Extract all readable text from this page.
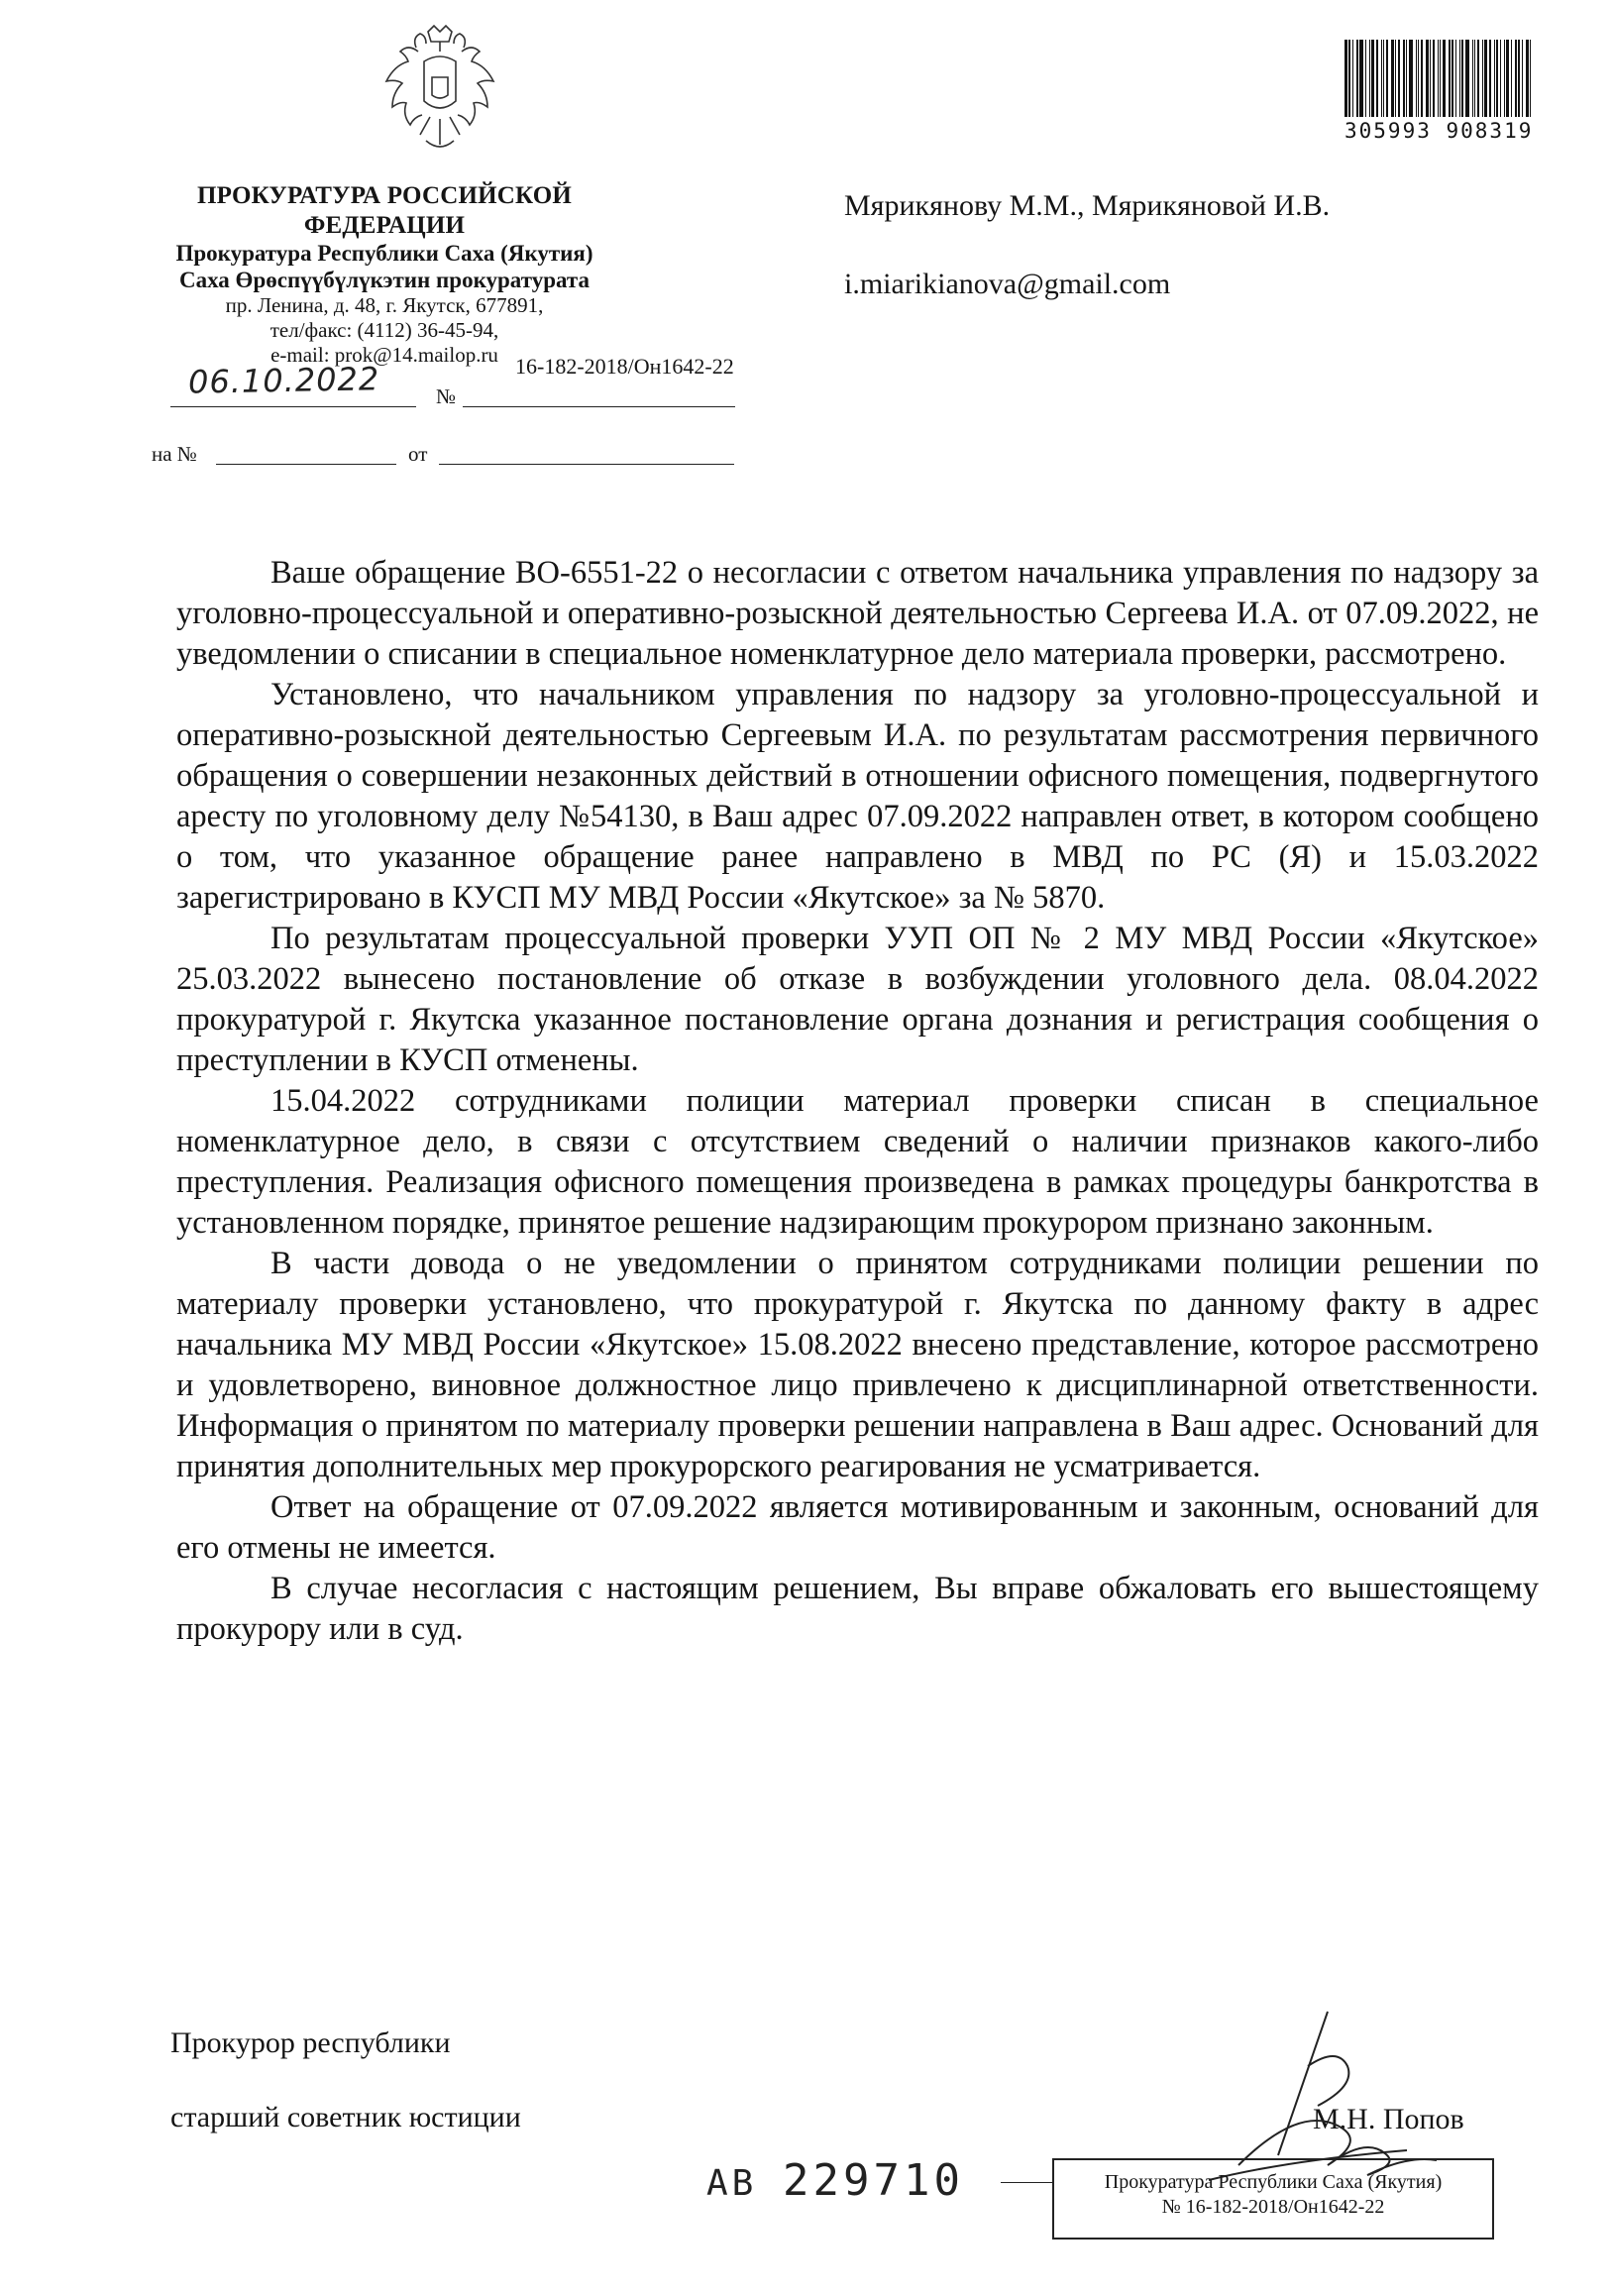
305993 908319
ПРОКУРАТУРА РОССИЙСКОЙ ФЕДЕРАЦИИ
Прокуратура Республики Саха (Якутия)
Саха Өрөспүүбүлүкэтин прокуратурата
пр. Ленина, д. 48, г. Якутск, 677891,
тел/факс: (4112) 36-45-94,
e-mail: prok@14.mailop.ru 16-182-2018/Он1642-22
06.10.2022	№
на №	от
Мярикянову М.М., Мярикяновой И.В.
i.miarikianova@gmail.com

Ваше обращение ВО-6551-22 о несогласии с ответом начальника управления по надзору за уголовно-процессуальной и оперативно-розыскной деятельностью Сергеева И.А. от 07.09.2022, не уведомлении о списании в специальное номенклатурное дело материала проверки, рассмотрено.

Установлено, что начальником управления по надзору за уголовно-процессуальной и оперативно-розыскной деятельностью Сергеевым И.А. по результатам рассмотрения первичного обращения о совершении незаконных действий в отношении офисного помещения, подвергнутого аресту по уголовному делу №54130, в Ваш адрес 07.09.2022 направлен ответ, в котором сообщено о том, что указанное обращение ранее направлено в МВД по РС (Я) и 15.03.2022 зарегистрировано в КУСП МУ МВД России «Якутское» за № 5870.

По результатам процессуальной проверки УУП ОП № 2 МУ МВД России «Якутское» 25.03.2022 вынесено постановление об отказе в возбуждении уголовного дела. 08.04.2022 прокуратурой г. Якутска указанное постановление органа дознания и регистрация сообщения о преступлении в КУСП отменены.

15.04.2022 сотрудниками полиции материал проверки списан в специальное номенклатурное дело, в связи с отсутствием сведений о наличии признаков какого-либо преступления. Реализация офисного помещения произведена в рамках процедуры банкротства в установленном порядке, принятое решение надзирающим прокурором признано законным.

В части довода о не уведомлении о принятом сотрудниками полиции решении по материалу проверки установлено, что прокуратурой г. Якутска по данному факту в адрес начальника МУ МВД России «Якутское» 15.08.2022 внесено представление, которое рассмотрено и удовлетворено, виновное должностное лицо привлечено к дисциплинарной ответственности. Информация о принятом по материалу проверки решении направлена в Ваш адрес. Оснований для принятия дополнительных мер прокурорского реагирования не усматривается.

Ответ на обращение от 07.09.2022 является мотивированным и законным, оснований для его отмены не имеется.

В случае несогласия с настоящим решением, Вы вправе обжаловать его вышестоящему прокурору или в суд.

Прокурор республики
старший советник юстиции	М.Н. Попов
АВ 229710	Прокуратура Республики Саха (Якутия)
№ 16-182-2018/Он1642-22
